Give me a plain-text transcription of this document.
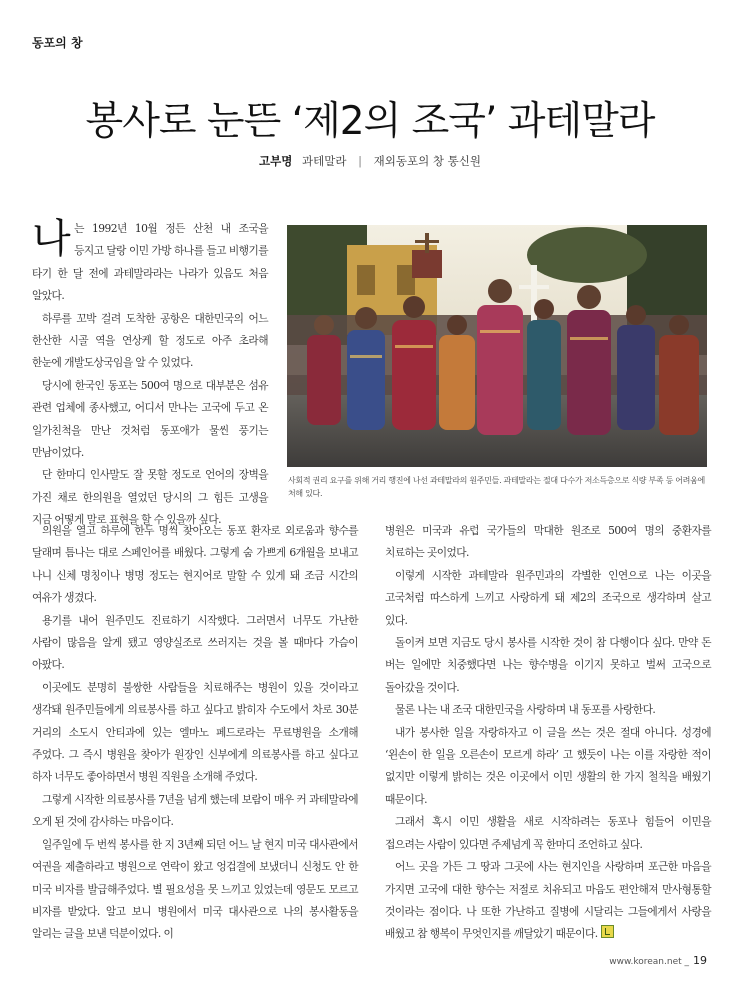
동포의 창
봉사로 눈뜬 ‘제2의 조국’ 과테말라
고부명 과테말라 | 재외동포의 창 통신원

나는 1992년 10월 정든 산천 내 조국을 등지고 달랑 이민 가방 하나를 들고 비행기를 타기 한 달 전에 과테말라라는 나라가 있음도 처음 알았다.

하루를 꼬박 걸려 도착한 공항은 대한민국의 어느 한산한 시골 역을 연상케 할 정도로 아주 초라해 한눈에 개발도상국임을 알 수 있었다.

당시에 한국인 동포는 500여 명으로 대부분은 섬유 관련 업체에 종사했고, 어디서 만나는 고국에 두고 온 일가친척을 만난 것처럼 동포애가 물씬 풍기는 만남이었다.

단 한마디 인사말도 잘 못할 정도로 언어의 장벽을 가진 채로 한의원을 열었던 당시의 그 힘든 고생을 지금 어떻게 말로 표현을 할 수 있을까 싶다.

사회적 권리 요구를 위해 거리 행진에 나선 과테말라의 원주민들. 과테말라는 절대 다수가 저소득층으로 식량 부족 등 어려움에 처해 있다.

의원을 열고 하루에 한두 명씩 찾아오는 동포 환자로 외로움과 향수를 달래며 틈나는 대로 스페인어를 배웠다. 그렇게 숨 가쁘게 6개월을 보내고 나니 신체 명칭이나 병명 정도는 현지어로 말할 수 있게 돼 조금 시간의 여유가 생겼다.

용기를 내어 원주민도 진료하기 시작했다. 그러면서 너무도 가난한 사람이 많음을 알게 됐고 영양실조로 쓰러지는 것을 볼 때마다 가슴이 아팠다.

이곳에도 분명히 불쌍한 사람들을 치료해주는 병원이 있을 것이라고 생각돼 원주민들에게 의료봉사를 하고 싶다고 밝히자 수도에서 차로 30분 거리의 소도시 안티과에 있는 엘마노 페드로라는 무료병원을 소개해 주었다. 그 즉시 병원을 찾아가 원장인 신부에게 의료봉사를 하고 싶다고 하자 너무도 좋아하면서 병원 직원을 소개해 주었다.

그렇게 시작한 의료봉사를 7년을 넘게 했는데 보람이 매우 커 과테말라에 오게 된 것에 감사하는 마음이다.

일주일에 두 번씩 봉사를 한 지 3년째 되던 어느 날 현지 미국 대사관에서 여권을 제출하라고 병원으로 연락이 왔고 엉겁결에 보냈더니 신청도 안 한 미국 비자를 발급해주었다. 별 필요성을 못 느끼고 있었는데 영문도 모르고 비자를 받았다. 알고 보니 병원에서 미국 대사관으로 나의 봉사활동을 알리는 글을 보낸 덕분이었다. 이

병원은 미국과 유럽 국가들의 막대한 원조로 500여 명의 중환자를 치료하는 곳이었다.

이렇게 시작한 과테말라 원주민과의 각별한 인연으로 나는 이곳을 고국처럼 따스하게 느끼고 사랑하게 돼 제2의 조국으로 생각하며 살고 있다.

돌이켜 보면 지금도 당시 봉사를 시작한 것이 참 다행이다 싶다. 만약 돈 버는 일에만 치중했다면 나는 향수병을 이기지 못하고 벌써 고국으로 돌아갔을 것이다.

물론 나는 내 조국 대한민국을 사랑하며 내 동포를 사랑한다.

내가 봉사한 일을 자랑하자고 이 글을 쓰는 것은 절대 아니다. 성경에 ‘왼손이 한 일을 오른손이 모르게 하라’ 고 했듯이 나는 이를 자랑한 적이 없지만 이렇게 밝히는 것은 이곳에서 이민 생활의 한 가지 철칙을 배웠기 때문이다.

그래서 혹시 이민 생활을 새로 시작하려는 동포나 힘들어 이민을 접으려는 사람이 있다면 주제넘게 꼭 한마디 조언하고 싶다.

어느 곳을 가든 그 땅과 그곳에 사는 현지인을 사랑하며 포근한 마음을 가지면 고국에 대한 향수는 저절로 치유되고 마음도 편안해져 만사형통할 것이라는 점이다. 나 또한 가난하고 질병에 시달리는 그들에게서 사랑을 배웠고 참 행복이 무엇인지를 깨달았기 때문이다.

www.korean.net _ 19
